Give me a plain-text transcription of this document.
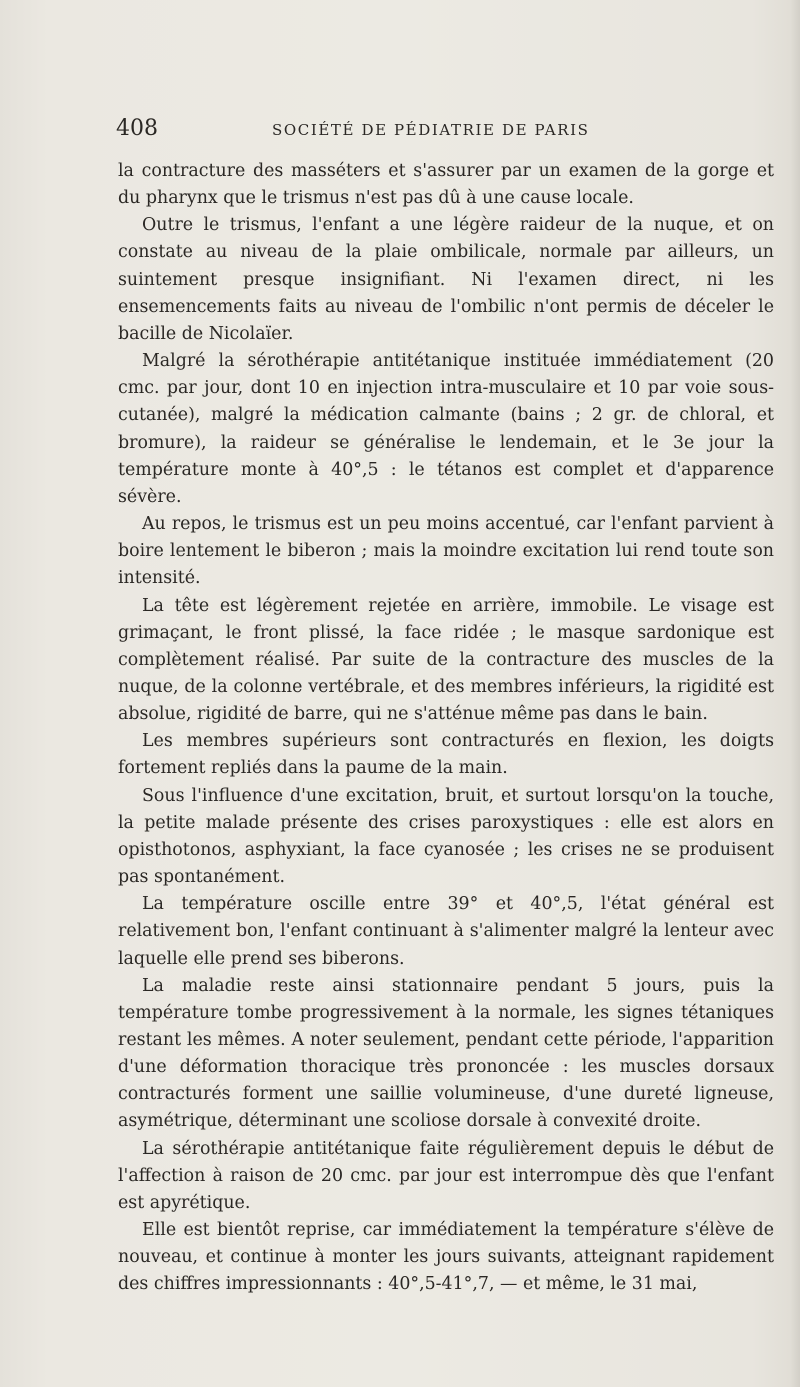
408	SOCIÉTÉ DE PÉDIATRIE DE PARIS

la contracture des masséters et s'assurer par un examen de la gorge et du pharynx que le trismus n'est pas dû à une cause locale.

Outre le trismus, l'enfant a une légère raideur de la nuque, et on constate au niveau de la plaie ombilicale, normale par ailleurs, un suintement presque insignifiant. Ni l'examen direct, ni les ensemencements faits au niveau de l'ombilic n'ont permis de déceler le bacille de Nicolaïer.

Malgré la sérothérapie antitétanique instituée immédiatement (20 cmc. par jour, dont 10 en injection intra-musculaire et 10 par voie sous-cutanée), malgré la médication calmante (bains ; 2 gr. de chloral, et bromure), la raideur se généralise le lendemain, et le 3e jour la température monte à 40°,5 : le tétanos est complet et d'apparence sévère.

Au repos, le trismus est un peu moins accentué, car l'enfant parvient à boire lentement le biberon ; mais la moindre excitation lui rend toute son intensité.

La tête est légèrement rejetée en arrière, immobile. Le visage est grimaçant, le front plissé, la face ridée ; le masque sardonique est complètement réalisé. Par suite de la contracture des muscles de la nuque, de la colonne vertébrale, et des membres inférieurs, la rigidité est absolue, rigidité de barre, qui ne s'atténue même pas dans le bain.

Les membres supérieurs sont contracturés en flexion, les doigts fortement repliés dans la paume de la main.

Sous l'influence d'une excitation, bruit, et surtout lorsqu'on la touche, la petite malade présente des crises paroxystiques : elle est alors en opisthotonos, asphyxiant, la face cyanosée ; les crises ne se produisent pas spontanément.

La température oscille entre 39° et 40°,5, l'état général est relativement bon, l'enfant continuant à s'alimenter malgré la lenteur avec laquelle elle prend ses biberons.

La maladie reste ainsi stationnaire pendant 5 jours, puis la température tombe progressivement à la normale, les signes tétaniques restant les mêmes. A noter seulement, pendant cette période, l'apparition d'une déformation thoracique très prononcée : les muscles dorsaux contracturés forment une saillie volumineuse, d'une dureté ligneuse, asymétrique, déterminant une scoliose dorsale à convexité droite.

La sérothérapie antitétanique faite régulièrement depuis le début de l'affection à raison de 20 cmc. par jour est interrompue dès que l'enfant est apyrétique.

Elle est bientôt reprise, car immédiatement la température s'élève de nouveau, et continue à monter les jours suivants, atteignant rapidement des chiffres impressionnants : 40°,5-41°,7, — et même, le 31 mai,
